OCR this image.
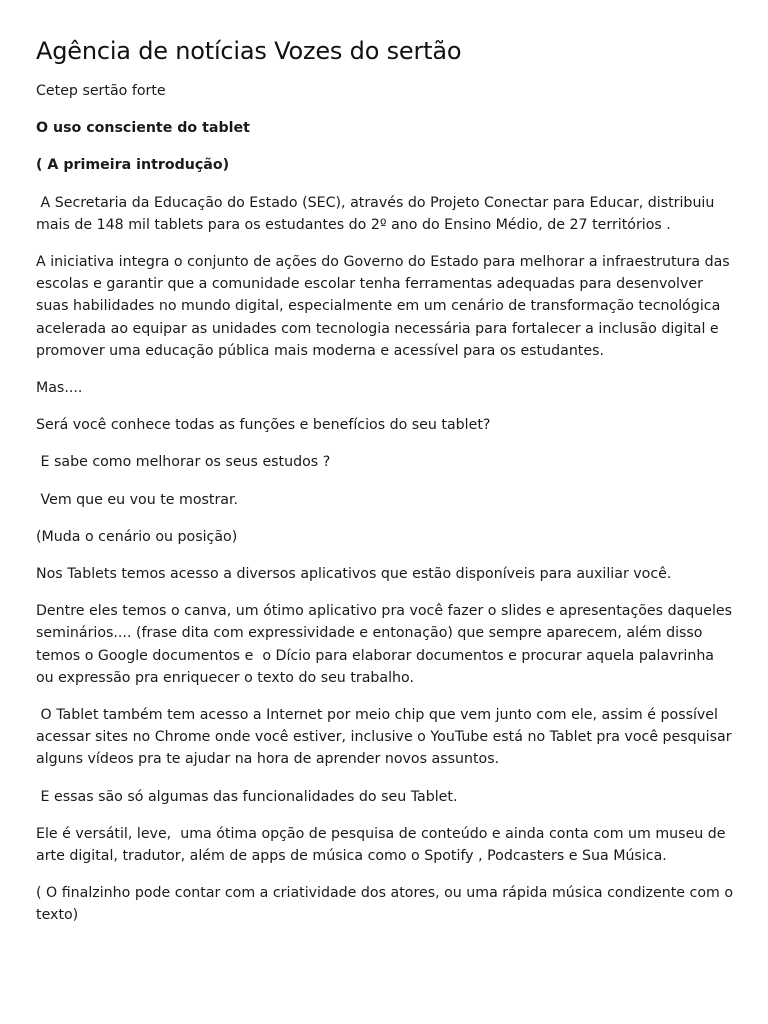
Agência de notícias Vozes do sertão

Cetep sertão forte

O uso consciente do tablet

( A primeira introdução)

A Secretaria da Educação do Estado (SEC), através do Projeto Conectar para Educar, distribuiu mais de 148 mil tablets para os estudantes do 2º ano do Ensino Médio, de 27 territórios .

A iniciativa integra o conjunto de ações do Governo do Estado para melhorar a infraestrutura das escolas e garantir que a comunidade escolar tenha ferramentas adequadas para desenvolver suas habilidades no mundo digital, especialmente em um cenário de transformação tecnológica acelerada ao equipar as unidades com tecnologia necessária para fortalecer a inclusão digital e promover uma educação pública mais moderna e acessível para os estudantes.

Mas....

Será você conhece todas as funções e benefícios do seu tablet?

E sabe como melhorar os seus estudos ?

Vem que eu vou te mostrar.

(Muda o cenário ou posição)

Nos Tablets temos acesso a diversos aplicativos que estão disponíveis para auxiliar você.

Dentre eles temos o canva, um ótimo aplicativo pra você fazer o slides e apresentações daqueles seminários.... (frase dita com expressividade e entonação) que sempre aparecem, além disso temos o Google documentos e  o Dício para elaborar documentos e procurar aquela palavrinha ou expressão pra enriquecer o texto do seu trabalho.

O Tablet também tem acesso a Internet por meio chip que vem junto com ele, assim é possível acessar sites no Chrome onde você estiver, inclusive o YouTube está no Tablet pra você pesquisar alguns vídeos pra te ajudar na hora de aprender novos assuntos.

E essas são só algumas das funcionalidades do seu Tablet.

Ele é versátil, leve,  uma ótima opção de pesquisa de conteúdo e ainda conta com um museu de arte digital, tradutor, além de apps de música como o Spotify , Podcasters e Sua Música.

( O finalzinho pode contar com a criatividade dos atores, ou uma rápida música condizente com o texto)
